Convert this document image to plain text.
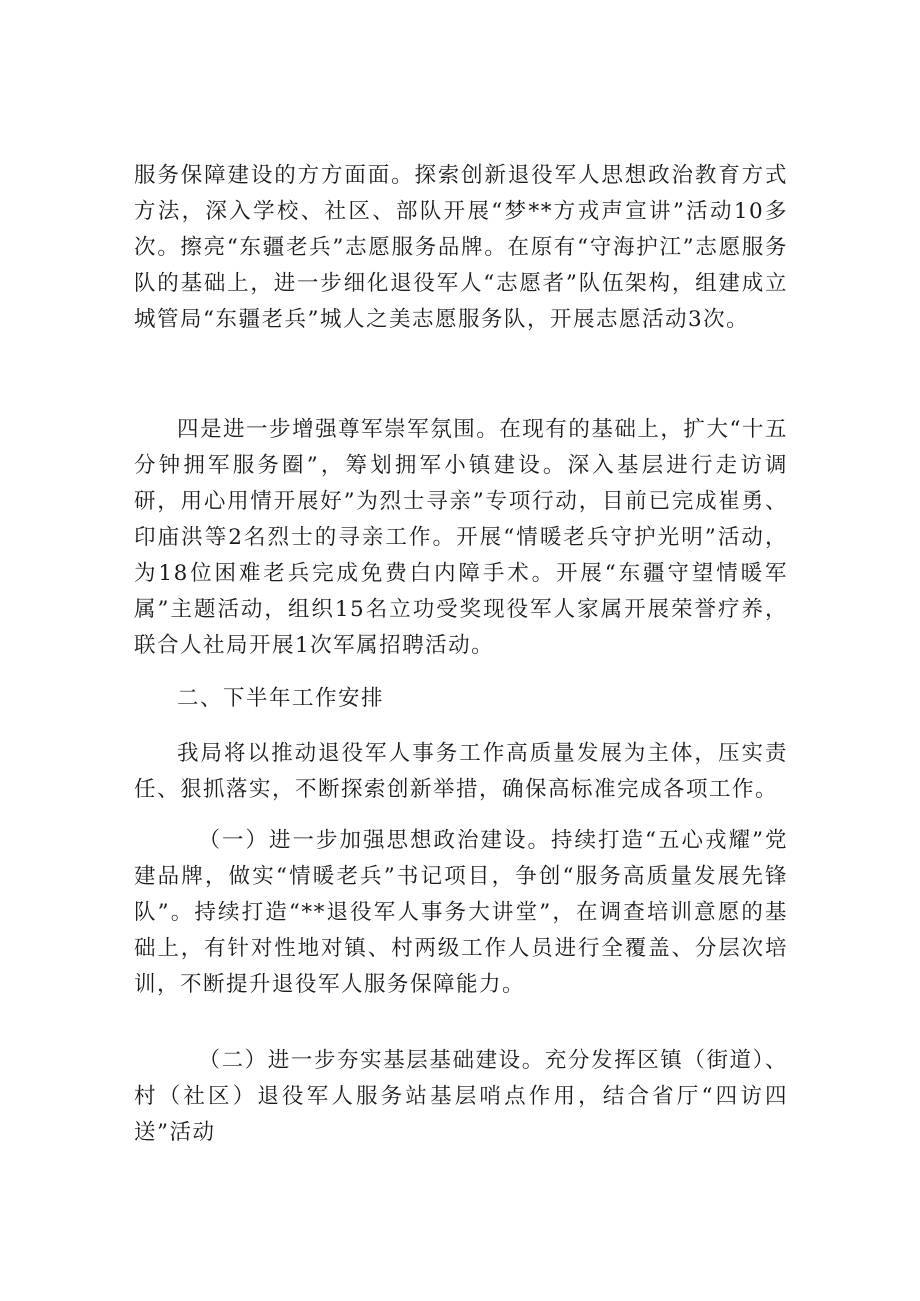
服务保障建设的方方面面。探索创新退役军人思想政治教育方式方法，深入学校、社区、部队开展“梦**方戎声宣讲”活动10多次。擦亮“东疆老兵”志愿服务品牌。在原有“守海护江”志愿服务队的基础上，进一步细化退役军人“志愿者”队伍架构，组建成立城管局“东疆老兵”城人之美志愿服务队，开展志愿活动3次。

四是进一步增强尊军崇军氛围。在现有的基础上，扩大“十五分钟拥军服务圈”，筹划拥军小镇建设。深入基层进行走访调研，用心用情开展好”为烈士寻亲”专项行动，目前已完成崔勇、印庙洪等2名烈士的寻亲工作。开展“情暖老兵守护光明”活动，为18位困难老兵完成免费白内障手术。开展“东疆守望情暖军属”主题活动，组织15名立功受奖现役军人家属开展荣誉疗养，联合人社局开展1次军属招聘活动。

二、下半年工作安排

我局将以推动退役军人事务工作高质量发展为主体，压实责任、狠抓落实，不断探索创新举措，确保高标准完成各项工作。

（一）进一步加强思想政治建设。持续打造“五心戎耀”党建品牌，做实“情暖老兵”书记项目，争创“服务高质量发展先锋队”。持续打造“**退役军人事务大讲堂”，在调查培训意愿的基础上，有针对性地对镇、村两级工作人员进行全覆盖、分层次培训，不断提升退役军人服务保障能力。

（二）进一步夯实基层基础建设。充分发挥区镇（街道）、村（社区）退役军人服务站基层哨点作用，结合省厅“四访四送”活动
